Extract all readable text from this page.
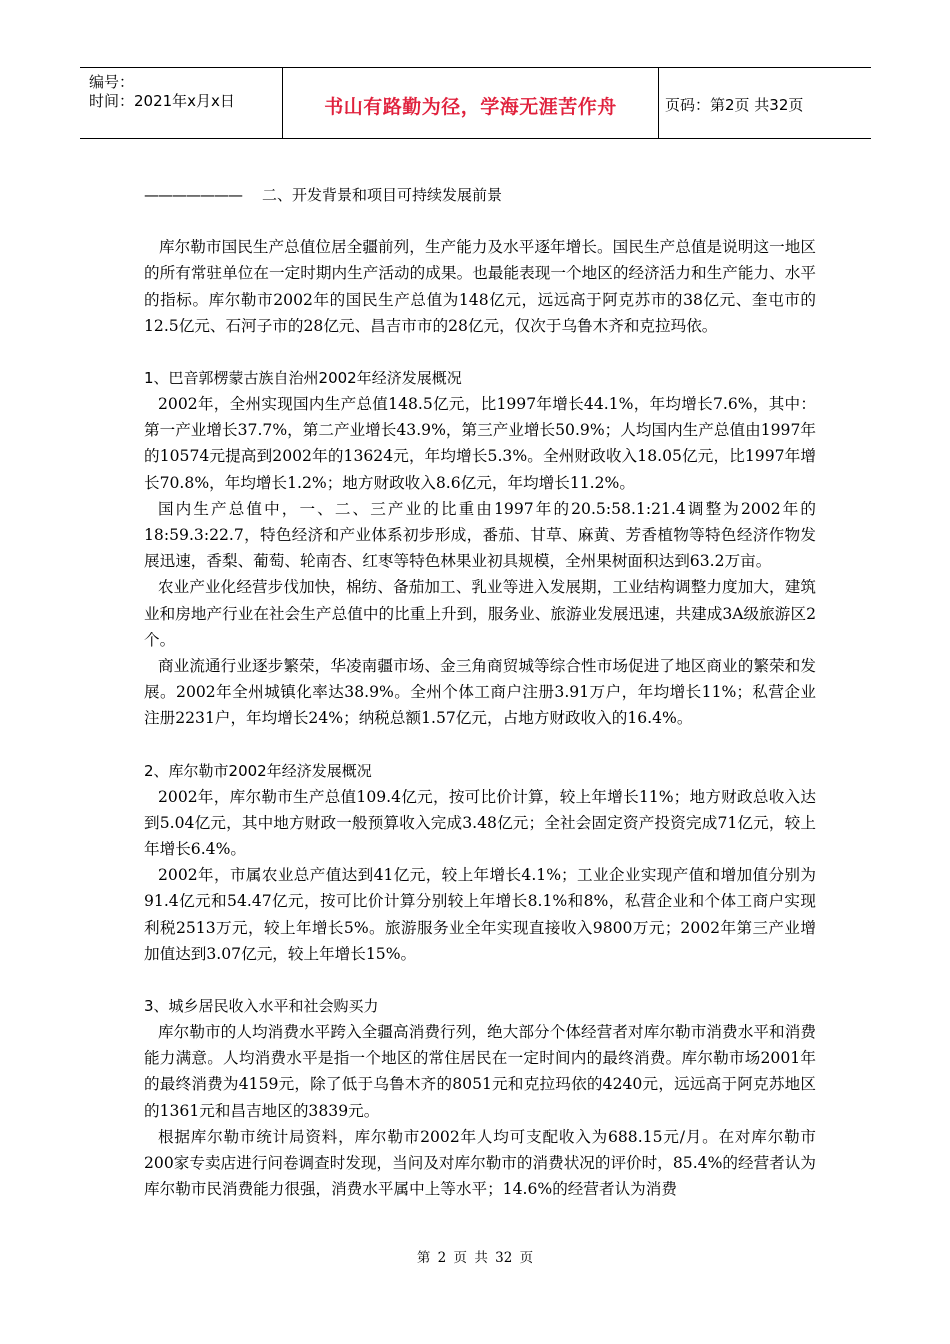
编号：
时间：2021年x月x日	书山有路勤为径，学海无涯苦作舟	页码：第2页 共32页

——————— 二、开发背景和项目可持续发展前景

库尔勒市国民生产总值位居全疆前列，生产能力及水平逐年增长。国民生产总值是说明这一地区的所有常驻单位在一定时期内生产活动的成果。也最能表现一个地区的经济活力和生产能力、水平的指标。库尔勒市2002年的国民生产总值为148亿元，远远高于阿克苏市的38亿元、奎屯市的12.5亿元、石河子市的28亿元、昌吉市市的28亿元，仅次于乌鲁木齐和克拉玛依。

1、巴音郭楞蒙古族自治州2002年经济发展概况

2002年，全州实现国内生产总值148.5亿元，比1997年增长44.1%，年均增长7.6%，其中：第一产业增长37.7%，第二产业增长43.9%，第三产业增长50.9%；人均国内生产总值由1997年的10574元提高到2002年的13624元，年均增长5.3%。全州财政收入18.05亿元，比1997年增长70.8%，年均增长1.2%；地方财政收入8.6亿元，年均增长11.2%。

国内生产总值中，一、二、三产业的比重由1997年的20.5:58.1:21.4调整为2002年的18:59.3:22.7，特色经济和产业体系初步形成，番茄、甘草、麻黄、芳香植物等特色经济作物发展迅速，香梨、葡萄、轮南杏、红枣等特色林果业初具规模，全州果树面积达到63.2万亩。

农业产业化经营步伐加快，棉纺、备茄加工、乳业等进入发展期，工业结构调整力度加大，建筑业和房地产行业在社会生产总值中的比重上升到，服务业、旅游业发展迅速，共建成3A级旅游区2个。

商业流通行业逐步繁荣，华凌南疆市场、金三角商贸城等综合性市场促进了地区商业的繁荣和发展。2002年全州城镇化率达38.9%。全州个体工商户注册3.91万户，年均增长11%；私营企业注册2231户，年均增长24%；纳税总额1.57亿元，占地方财政收入的16.4%。

2、库尔勒市2002年经济发展概况

2002年，库尔勒市生产总值109.4亿元，按可比价计算，较上年增长11%；地方财政总收入达到5.04亿元，其中地方财政一般预算收入完成3.48亿元；全社会固定资产投资完成71亿元，较上年增长6.4%。

2002年，市属农业总产值达到41亿元，较上年增长4.1%；工业企业实现产值和增加值分别为91.4亿元和54.47亿元，按可比价计算分别较上年增长8.1%和8%，私营企业和个体工商户实现利税2513万元，较上年增长5%。旅游服务业全年实现直接收入9800万元；2002年第三产业增加值达到3.07亿元，较上年增长15%。

3、城乡居民收入水平和社会购买力

库尔勒市的人均消费水平跨入全疆高消费行列，绝大部分个体经营者对库尔勒市消费水平和消费能力满意。人均消费水平是指一个地区的常住居民在一定时间内的最终消费。库尔勒市场2001年的最终消费为4159元，除了低于乌鲁木齐的8051元和克拉玛依的4240元，远远高于阿克苏地区的1361元和昌吉地区的3839元。

根据库尔勒市统计局资料，库尔勒市2002年人均可支配收入为688.15元/月。在对库尔勒市200家专卖店进行问卷调查时发现，当问及对库尔勒市的消费状况的评价时，85.4%的经营者认为库尔勒市民消费能力很强，消费水平属中上等水平；14.6%的经营者认为消费

第 2 页 共 32 页
